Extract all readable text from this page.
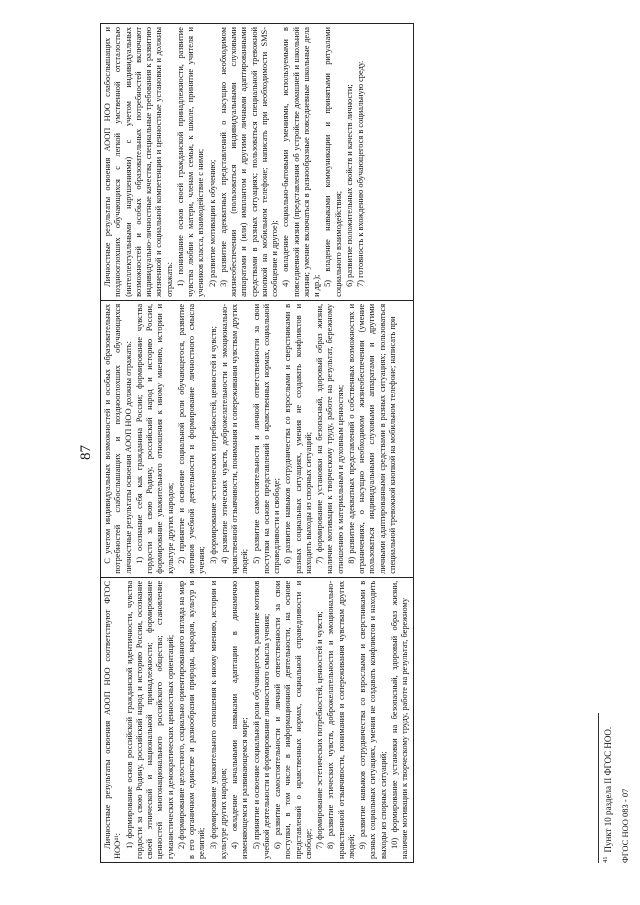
87

Личностные результаты освоения АООП НОО соответствуют ФГОС НОО⁴¹: 1) формирование основ российской гражданской идентичности, чувства гордости за свою Родину, российский народ и историю России, осознание своей этнической и национальной принадлежности; формирование ценностей многонационального российского общества; становление гуманистических и демократических ценностных ориентаций; 2) формирование целостного, социально ориентированного взгляда на мир в его органичном единстве и разнообразии природы, народов, культур и религий; 3) формирование уважительного отношения к иному мнению, истории и культуре других народов; 4) овладение начальными навыками адаптации в динамично изменяющемся и развивающемся мире; 5) принятие и освоение социальной роли обучающегося, развитие мотивов учебной деятельности и формирование личностного смысла учения; 6) развитие самостоятельности и личной ответственности за свои поступки, в том числе в информационной деятельности, на основе представлений о нравственных нормах, социальной справедливости и свободе; 7) формирование эстетических потребностей, ценностей и чувств; 8) развитие этических чувств, доброжелательности и эмоционально-нравственной отзывчивости, понимания и сопереживания чувствам других людей; 9) развитие навыков сотрудничества со взрослыми и сверстниками в разных социальных ситуациях, умения не создавать конфликтов и находить выходы из спорных ситуаций; 10) формирование установки на безопасный, здоровый образ жизни, наличие мотивации к творческому труду, работе на результат, бережному

С учетом индивидуальных возможностей и особых образовательных потребностей слабослышащих и позднооглохших обучающихся личностные результаты освоения АООП НОО должны отражать: 1) осознание себя как гражданина России; формирование чувства гордости за свою Родину, российский народ и историю России, формирование уважительного отношения к иному мнению, истории и культуре других народов; 2) принятие и освоение социальной роли обучающегося, развитие мотивов учебной деятельности и формирование личностного смысла учения; 3) формирование эстетических потребностей, ценностей и чувств; 4) развитие этических чувств, доброжелательности и эмоционально-нравственной отзывчивости, понимания и сопереживания чувствам других людей; 5) развитие самостоятельности и личной ответственности за свои поступки на основе представлений о нравственных нормах, социальной справедливости и свободе; 6) развитие навыков сотрудничества со взрослыми и сверстниками в разных социальных ситуациях, умения не создавать конфликтов и находить выходы из спорных ситуаций; 7) формирование установки на безопасный, здоровый образ жизни, наличие мотивации к творческому труду, работе на результат, бережному отношению к материальным и духовным ценностям; 8) развитие адекватных представлений о собственных возможностях и ограничениях, о насущно необходимом жизнеобеспечении (умение пользоваться индивидуальными слуховыми аппаратами и другими личными адаптированными средствами в разных ситуациях; пользоваться специальной тревожной кнопкой на мобильном телефоне; написать при

Личностные результаты освоения АООП НОО слабослышащих и позднооглохших обучающихся с легкой умственной отсталостью (интеллектуальными нарушениями) с учетом индивидуальных возможностей и особых образовательных потребностей включают индивидуально-личностные качества, специальные требования к развитию жизненной и социальной компетенции и ценностные установки и должны отражать: 1) понимание основ своей гражданской принадлежности, развитие чувства любви к матери, членам семьи, к школе, принятие учителя и учеников класса, взаимодействие с ними; 2) развитие мотивации к обучению; 3) развитие адекватных представлений о насущно необходимом жизнеобеспечении (пользоваться индивидуальными слуховыми аппаратами и (или) имплантом и другими личными адаптированными средствами в разных ситуациях; пользоваться специальной тревожной кнопкой на мобильном телефоне; написать при необходимости SMS-сообщение и другое); 4) овладение социально-бытовыми умениями, используемыми в повседневной жизни (представления об устройстве домашней и школьной жизни; умение включаться в разнообразные повседневные школьные дела и др.); 5) владение навыками коммуникации и принятыми ритуалами социального взаимодействия; 6) развитие положительных свойств и качеств личности; 7) готовность к вхождению обучающегося в социальную среду.

$^{41}$Пункт 10 раздела II ФГОС НОО. ФГОС НОО 083 - 07
